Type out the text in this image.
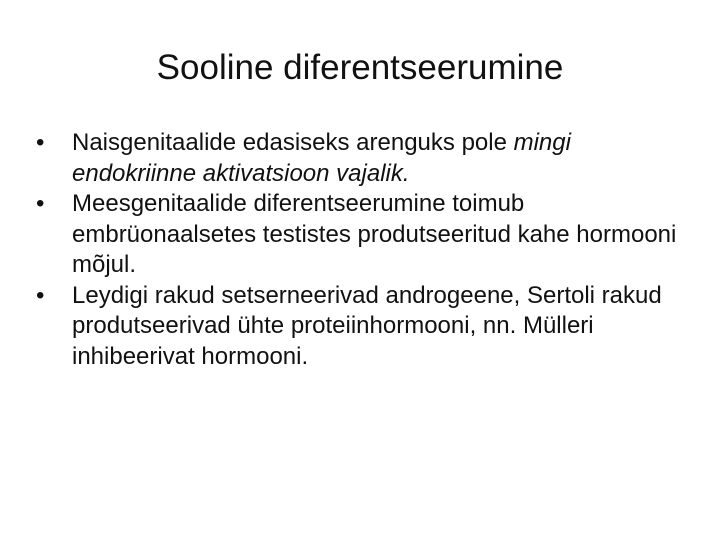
Sooline diferentseerumine
•	Naisgenitaalide edasiseks arenguks pole mingi endokriinne aktivatsioon vajalik.
•	Meesgenitaalide diferentseerumine toimub embrüonaalsetes testistes produtseeritud kahe hormooni mõjul.
•	Leydigi rakud setserneerivad androgeene, Sertoli rakud produtseerivad ühte proteiinhormooni, nn. Mülleri inhibeerivat hormooni.
